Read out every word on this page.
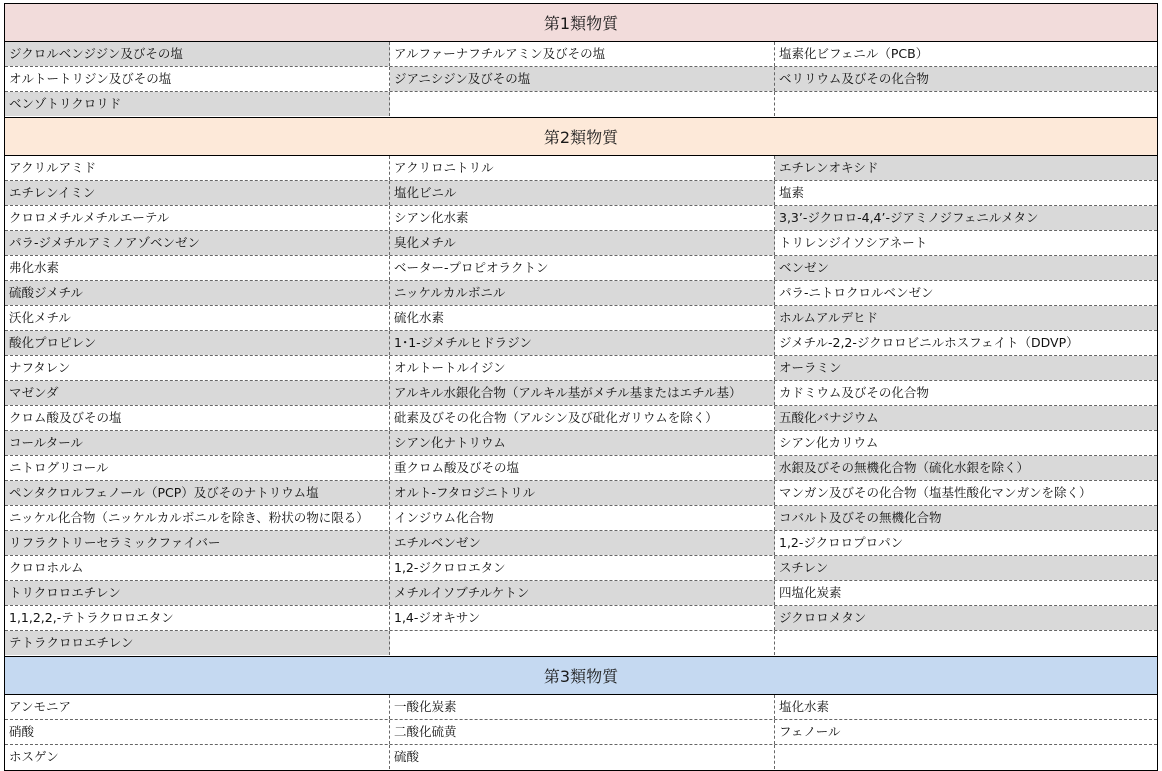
第1類物質
ジクロルベンジジン及びその塩	アルファーナフチルアミン及びその塩	塩素化ビフェニル（PCB）
オルトートリジン及びその塩	ジアニシジン及びその塩	ベリリウム及びその化合物
ベンゾトリクロリド
第2類物質
アクリルアミド	アクリロニトリル	エチレンオキシド
エチレンイミン	塩化ビニル	塩素
クロロメチルメチルエーテル	シアン化水素	3,3’-ジクロロ-4,4’-ジアミノジフェニルメタン
パラ-ジメチルアミノアゾベンゼン	臭化メチル	トリレンジイソシアネート
弗化水素	ベーター-プロピオラクトン	ベンゼン
硫酸ジメチル	ニッケルカルボニル	パラ-ニトロクロルベンゼン
沃化メチル	硫化水素	ホルムアルデヒド
酸化プロピレン	1･1-ジメチルヒドラジン	ジメチル-2,2-ジクロロビニルホスフェイト（DDVP）
ナフタレン	オルトートルイジン	オーラミン
マゼンダ	アルキル水銀化合物（アルキル基がメチル基またはエチル基）	カドミウム及びその化合物
クロム酸及びその塩	砒素及びその化合物（アルシン及び砒化ガリウムを除く）	五酸化バナジウム
コールタール	シアン化ナトリウム	シアン化カリウム
ニトログリコール	重クロム酸及びその塩	水銀及びその無機化合物（硫化水銀を除く）
ペンタクロルフェノール（PCP）及びそのナトリウム塩	オルト-フタロジニトリル	マンガン及びその化合物（塩基性酸化マンガンを除く）
ニッケル化合物（ニッケルカルボニルを除き、粉状の物に限る）	インジウム化合物	コバルト及びその無機化合物
リフラクトリーセラミックファイバー	エチルベンゼン	1,2-ジクロロプロパン
クロロホルム	1,2-ジクロロエタン	スチレン
トリクロロエチレン	メチルイソブチルケトン	四塩化炭素
1,1,2,2,-テトラクロロエタン	1,4-ジオキサン	ジクロロメタン
テトラクロロエチレン
第3類物質
アンモニア	一酸化炭素	塩化水素
硝酸	二酸化硫黄	フェノール
ホスゲン	硫酸
